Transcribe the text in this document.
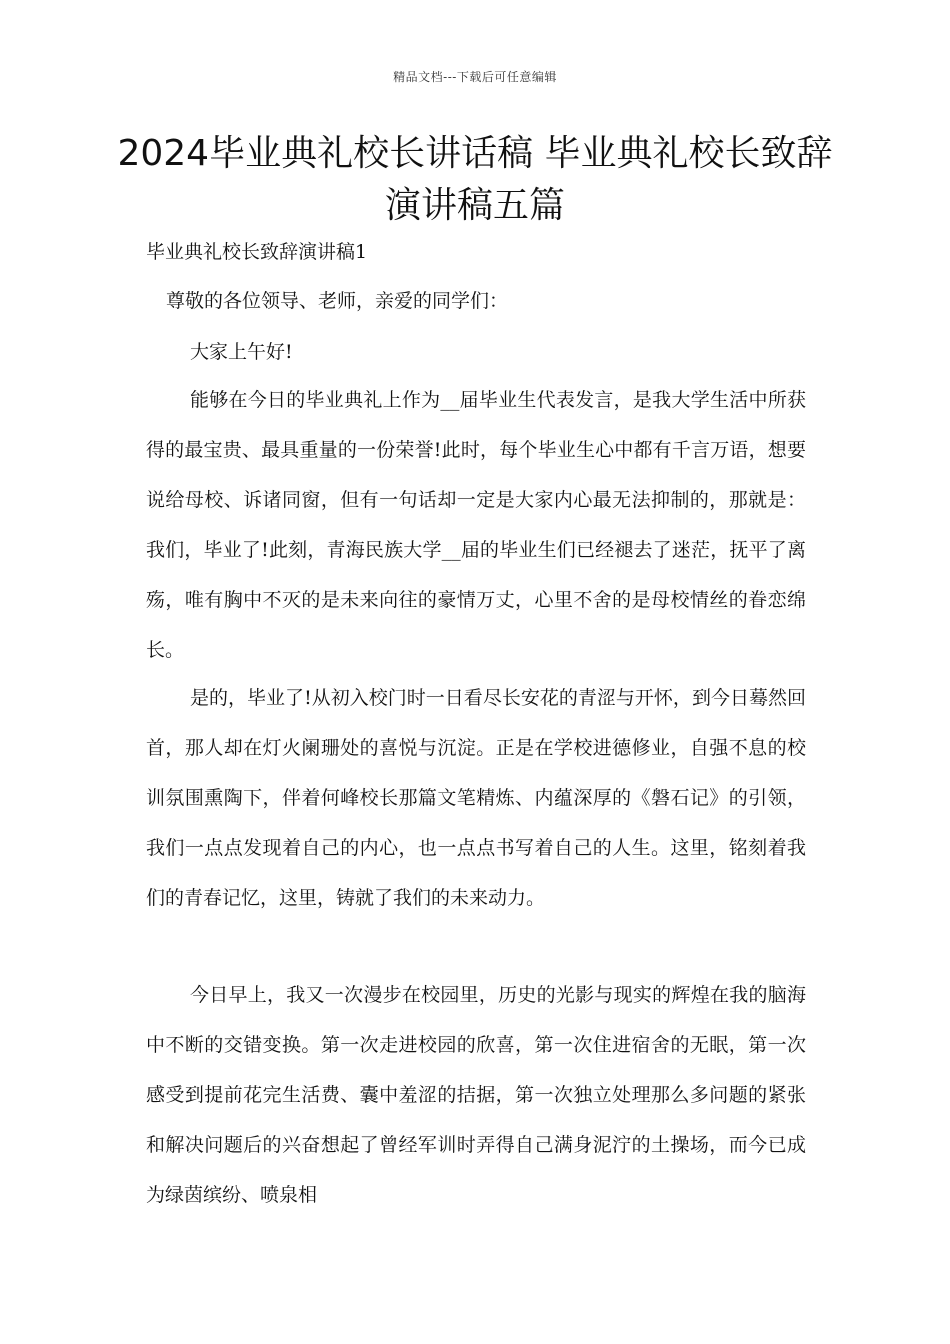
精品文档---下载后可任意编辑
2024毕业典礼校长讲话稿 毕业典礼校长致辞演讲稿五篇

毕业典礼校长致辞演讲稿1

尊敬的各位领导、老师，亲爱的同学们：

大家上午好!

能够在今日的毕业典礼上作为__届毕业生代表发言，是我大学生活中所获得的最宝贵、最具重量的一份荣誉!此时，每个毕业生心中都有千言万语，想要说给母校、诉诸同窗，但有一句话却一定是大家内心最无法抑制的，那就是：我们，毕业了!此刻，青海民族大学__届的毕业生们已经褪去了迷茫，抚平了离殇，唯有胸中不灭的是未来向往的豪情万丈，心里不舍的是母校情丝的眷恋绵长。

是的，毕业了!从初入校门时一日看尽长安花的青涩与开怀，到今日蓦然回首，那人却在灯火阑珊处的喜悦与沉淀。正是在学校进德修业，自强不息的校训氛围熏陶下，伴着何峰校长那篇文笔精炼、内蕴深厚的《磐石记》的引领，我们一点点发现着自己的内心，也一点点书写着自己的人生。这里，铭刻着我们的青春记忆，这里，铸就了我们的未来动力。

今日早上，我又一次漫步在校园里，历史的光影与现实的辉煌在我的脑海中不断的交错变换。第一次走进校园的欣喜，第一次住进宿舍的无眠，第一次感受到提前花完生活费、囊中羞涩的拮据，第一次独立处理那么多问题的紧张和解决问题后的兴奋想起了曾经军训时弄得自己满身泥泞的土操场，而今已成为绿茵缤纷、喷泉相
